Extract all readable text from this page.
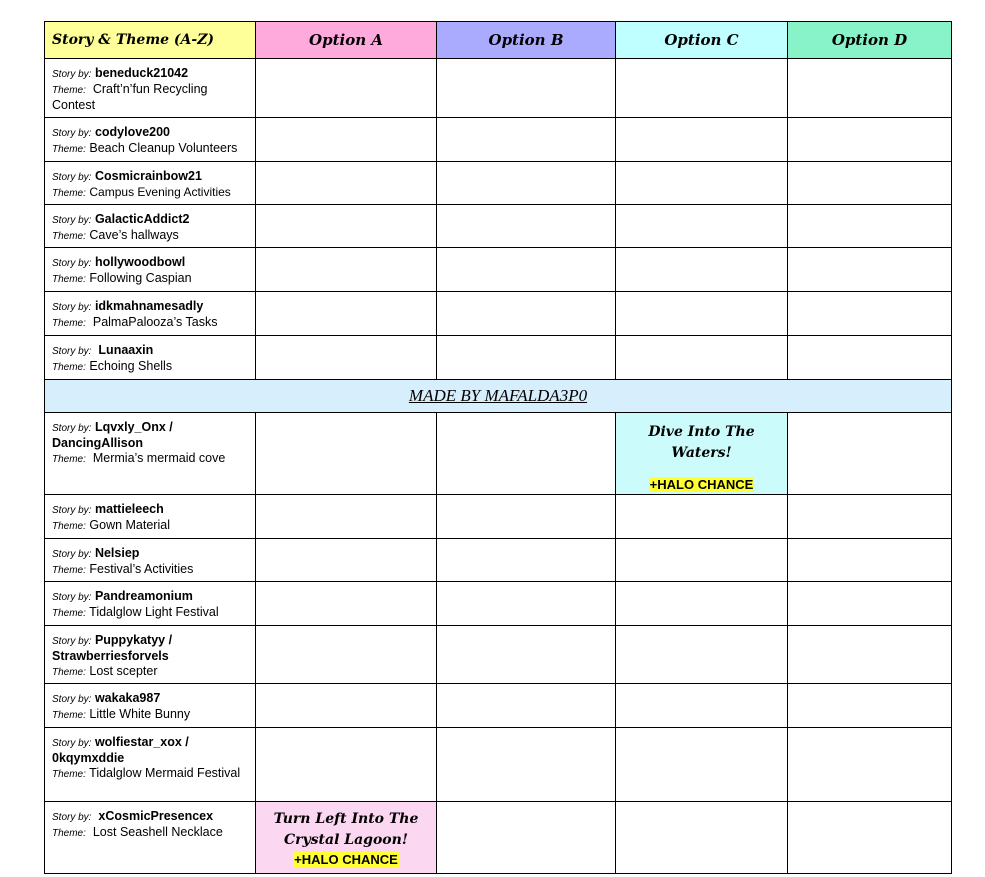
Story & Theme (A-Z)	Option A	Option B	Option C	Option D
Story by: beneduck21042
Theme: Craft’n’fun Recycling Contest				
Story by: codylove200
Theme: Beach Cleanup Volunteers				
Story by: Cosmicrainbow21
Theme: Campus Evening Activities				
Story by: GalacticAddict2
Theme: Cave’s hallways				
Story by: hollywoodbowl
Theme: Following Caspian				
Story by: idkmahnamesadly
Theme: PalmaPalooza’s Tasks				
Story by: Lunaaxin
Theme: Echoing Shells				
MADE BY MAFALDA3P0				
Story by: Lqvxly_Onx / DancingAllison
Theme: Mermia’s mermaid cove			Dive Into The Waters!
+HALO CHANCE	
Story by: mattieleech
Theme: Gown Material				
Story by: Nelsiep
Theme: Festival’s Activities				
Story by: Pandreamonium
Theme: Tidalglow Light Festival				
Story by: Puppykatyy / Strawberriesforvels
Theme: Lost scepter				
Story by: wakaka987
Theme: Little White Bunny				
Story by: wolfiestar_xox / 0kqymxddie
Theme: Tidalglow Mermaid Festival				
Story by: xCosmicPresencex
Theme: Lost Seashell Necklace	Turn Left Into The Crystal Lagoon!
+HALO CHANCE			
